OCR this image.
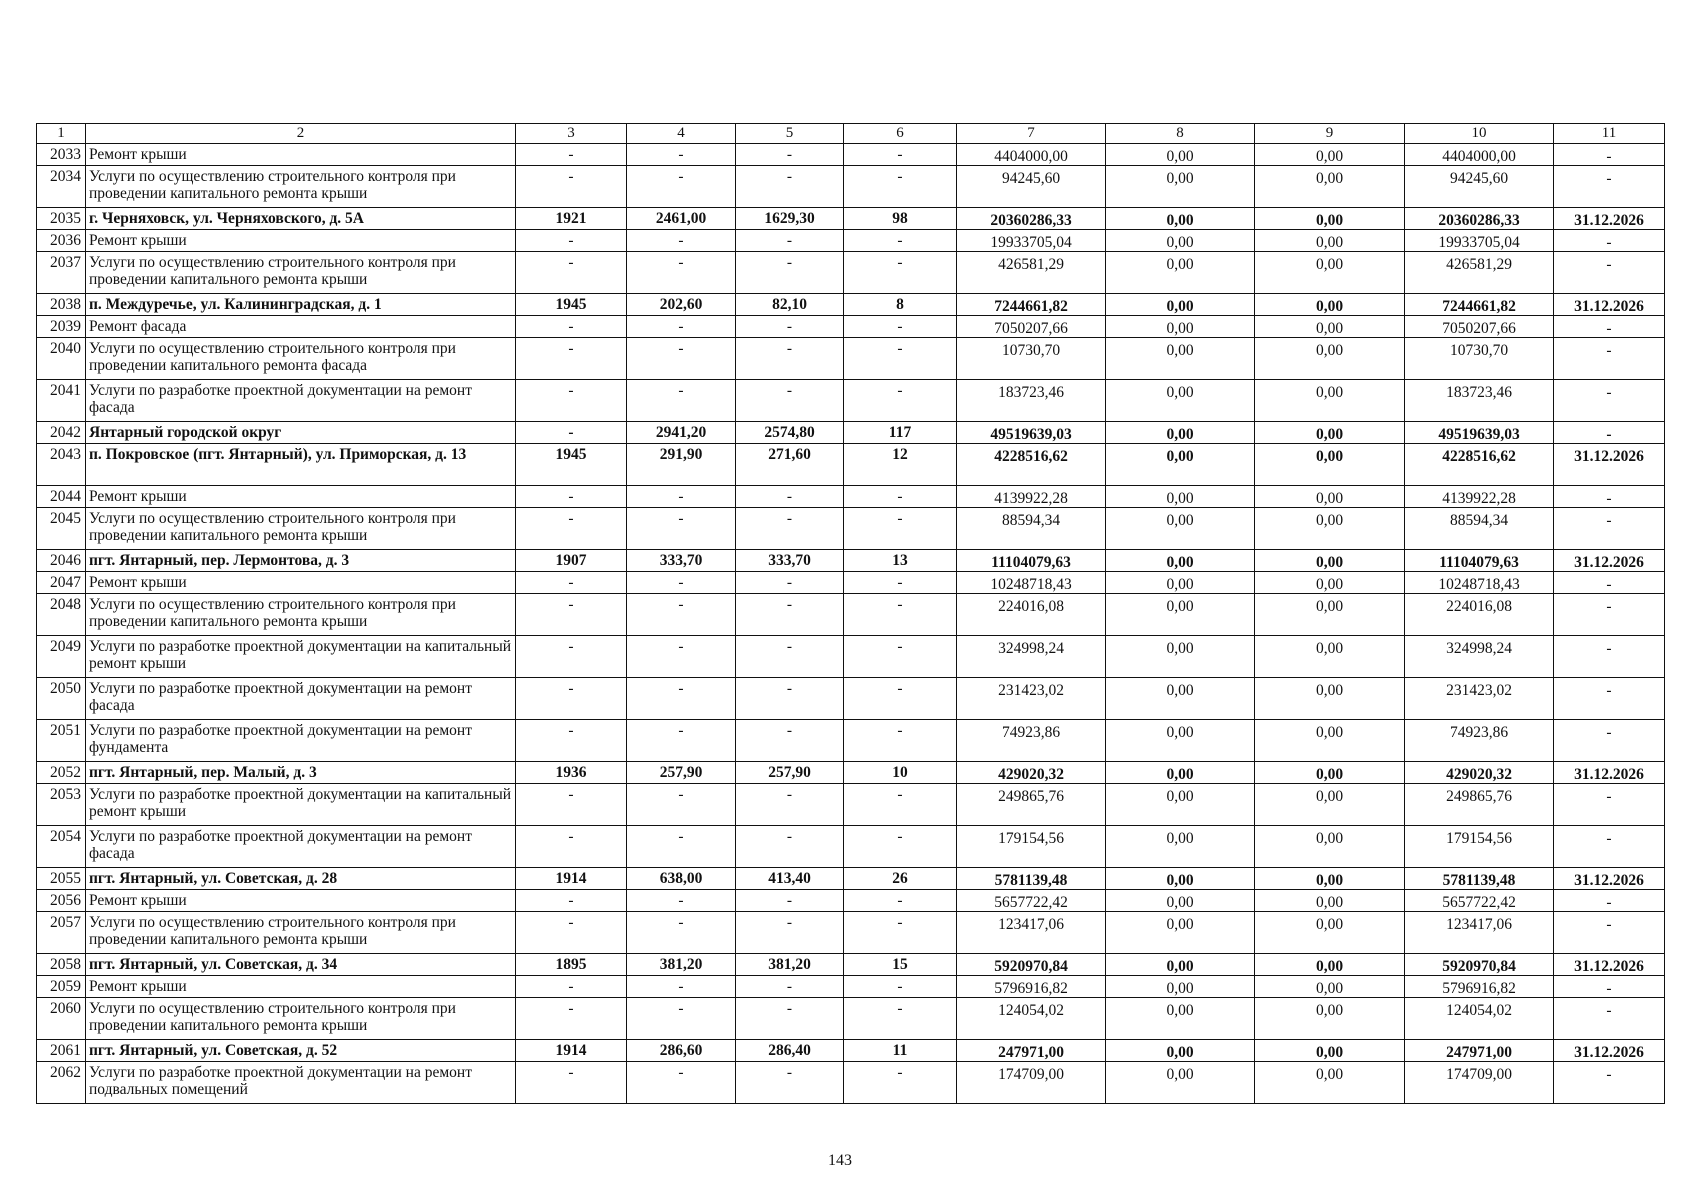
1	2	3	4	5	6	7	8	9	10	11
2033	Ремонт крыши	-	-	-	-	4404000,00	0,00	0,00	4404000,00	-
2034	Услуги по осуществлению строительного контроля при проведении капитального ремонта крыши	-	-	-	-	94245,60	0,00	0,00	94245,60	-
2035	г. Черняховск, ул. Черняховского, д. 5А	1921	2461,00	1629,30	98	20360286,33	0,00	0,00	20360286,33	31.12.2026
2036	Ремонт крыши	-	-	-	-	19933705,04	0,00	0,00	19933705,04	-
2037	Услуги по осуществлению строительного контроля при проведении капитального ремонта крыши	-	-	-	-	426581,29	0,00	0,00	426581,29	-
2038	п. Междуречье, ул. Калининградская, д. 1	1945	202,60	82,10	8	7244661,82	0,00	0,00	7244661,82	31.12.2026
2039	Ремонт фасада	-	-	-	-	7050207,66	0,00	0,00	7050207,66	-
2040	Услуги по осуществлению строительного контроля при проведении капитального ремонта фасада	-	-	-	-	10730,70	0,00	0,00	10730,70	-
2041	Услуги по разработке проектной документации на ремонт фасада	-	-	-	-	183723,46	0,00	0,00	183723,46	-
2042	Янтарный городской округ	-	2941,20	2574,80	117	49519639,03	0,00	0,00	49519639,03	-
2043	п. Покровское (пгт. Янтарный), ул. Приморская, д. 13	1945	291,90	271,60	12	4228516,62	0,00	0,00	4228516,62	31.12.2026
2044	Ремонт крыши	-	-	-	-	4139922,28	0,00	0,00	4139922,28	-
2045	Услуги по осуществлению строительного контроля при проведении капитального ремонта крыши	-	-	-	-	88594,34	0,00	0,00	88594,34	-
2046	пгт. Янтарный, пер. Лермонтова, д. 3	1907	333,70	333,70	13	11104079,63	0,00	0,00	11104079,63	31.12.2026
2047	Ремонт крыши	-	-	-	-	10248718,43	0,00	0,00	10248718,43	-
2048	Услуги по осуществлению строительного контроля при проведении капитального ремонта крыши	-	-	-	-	224016,08	0,00	0,00	224016,08	-
2049	Услуги по разработке проектной документации на капитальный ремонт крыши	-	-	-	-	324998,24	0,00	0,00	324998,24	-
2050	Услуги по разработке проектной документации на ремонт фасада	-	-	-	-	231423,02	0,00	0,00	231423,02	-
2051	Услуги по разработке проектной документации на ремонт фундамента	-	-	-	-	74923,86	0,00	0,00	74923,86	-
2052	пгт. Янтарный, пер. Малый, д. 3	1936	257,90	257,90	10	429020,32	0,00	0,00	429020,32	31.12.2026
2053	Услуги по разработке проектной документации на капитальный ремонт крыши	-	-	-	-	249865,76	0,00	0,00	249865,76	-
2054	Услуги по разработке проектной документации на ремонт фасада	-	-	-	-	179154,56	0,00	0,00	179154,56	-
2055	пгт. Янтарный, ул. Советская, д. 28	1914	638,00	413,40	26	5781139,48	0,00	0,00	5781139,48	31.12.2026
2056	Ремонт крыши	-	-	-	-	5657722,42	0,00	0,00	5657722,42	-
2057	Услуги по осуществлению строительного контроля при проведении капитального ремонта крыши	-	-	-	-	123417,06	0,00	0,00	123417,06	-
2058	пгт. Янтарный, ул. Советская, д. 34	1895	381,20	381,20	15	5920970,84	0,00	0,00	5920970,84	31.12.2026
2059	Ремонт крыши	-	-	-	-	5796916,82	0,00	0,00	5796916,82	-
2060	Услуги по осуществлению строительного контроля при проведении капитального ремонта крыши	-	-	-	-	124054,02	0,00	0,00	124054,02	-
2061	пгт. Янтарный, ул. Советская, д. 52	1914	286,60	286,40	11	247971,00	0,00	0,00	247971,00	31.12.2026
2062	Услуги по разработке проектной документации на ремонт подвальных помещений	-	-	-	-	174709,00	0,00	0,00	174709,00	-
143
